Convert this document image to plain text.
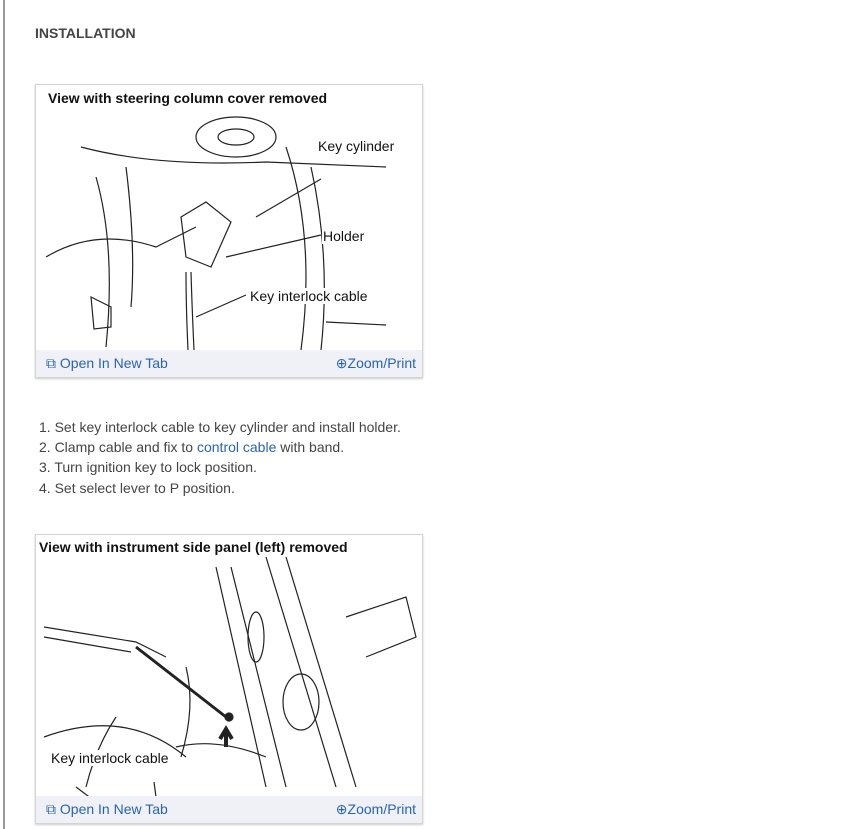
INSTALLATION
View with steering column cover removed
Key cylinder
Holder
Key interlock cable
⧉ Open In New Tab	⊕Zoom/Print
1. Set key interlock cable to key cylinder and install holder.
2. Clamp cable and fix to control cable with band.
3. Turn ignition key to lock position.
4. Set select lever to P position.
View with instrument side panel (left) removed
Key interlock cable
⧉ Open In New Tab	⊕Zoom/Print
